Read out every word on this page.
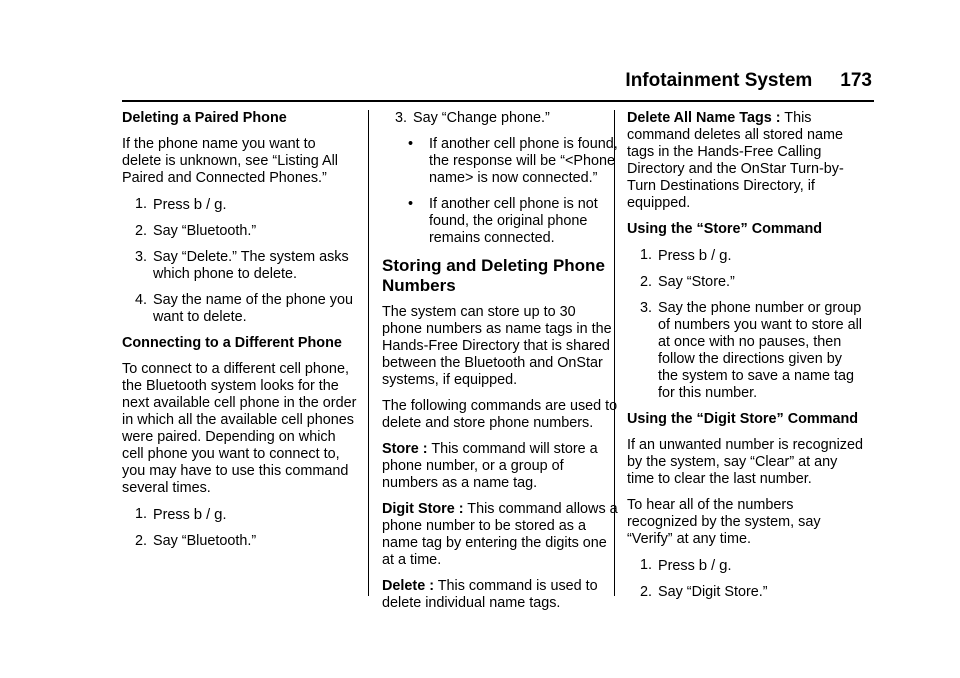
Infotainment System 173
Deleting a Paired Phone

If the phone name you want to delete is unknown, see “Listing All Paired and Connected Phones.”

1. Press b / g.
2. Say “Bluetooth.”
3. Say “Delete.” The system asks which phone to delete.
4. Say the name of the phone you want to delete.
Connecting to a Different Phone

To connect to a different cell phone, the Bluetooth system looks for the next available cell phone in the order in which all the available cell phones were paired. Depending on which cell phone you want to connect to, you may have to use this command several times.

1. Press b / g.
2. Say “Bluetooth.”
3. Say “Change phone.”
• If another cell phone is found, the response will be “<Phone name> is now connected.”
• If another cell phone is not found, the original phone remains connected.
Storing and Deleting Phone Numbers

The system can store up to 30 phone numbers as name tags in the Hands-Free Directory that is shared between the Bluetooth and OnStar systems, if equipped.

The following commands are used to delete and store phone numbers.

Store : This command will store a phone number, or a group of numbers as a name tag.

Digit Store : This command allows a phone number to be stored as a name tag by entering the digits one at a time.

Delete : This command is used to delete individual name tags.

Delete All Name Tags : This command deletes all stored name tags in the Hands-Free Calling Directory and the OnStar Turn-by-Turn Destinations Directory, if equipped.

Using the “Store” Command
1. Press b / g.
2. Say “Store.”
3. Say the phone number or group of numbers you want to store all at once with no pauses, then follow the directions given by the system to save a name tag for this number.
Using the “Digit Store” Command

If an unwanted number is recognized by the system, say “Clear” at any time to clear the last number.

To hear all of the numbers recognized by the system, say “Verify” at any time.

1. Press b / g.
2. Say “Digit Store.”
